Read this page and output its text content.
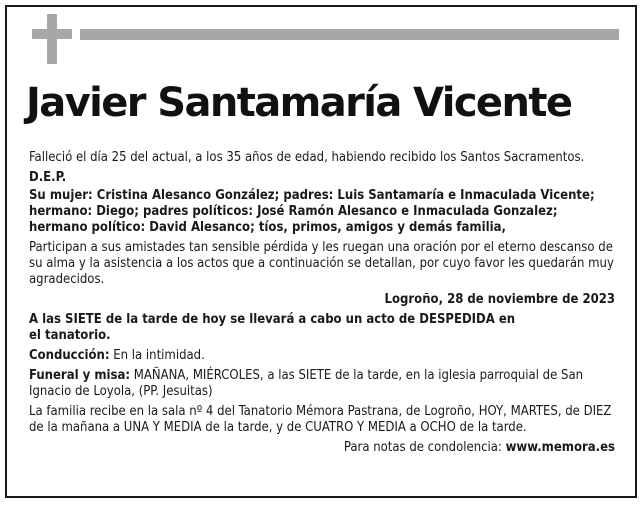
Javier Santamaría Vicente

Falleció el día 25 del actual, a los 35 años de edad, habiendo recibido los Santos Sacramentos.

D.E.P.

Su mujer: Cristina Alesanco González; padres: Luis Santamaría e Inmaculada Vicente; hermano: Diego; padres políticos: José Ramón Alesanco e Inmaculada Gonzalez; hermano político: David Alesanco; tíos, primos, amigos y demás familia,

Participan a sus amistades tan sensible pérdida y les ruegan una oración por el eterno descanso de su alma y la asistencia a los actos que a continuación se detallan, por cuyo favor les quedarán muy agradecidos.

Logroño, 28 de noviembre de 2023

A las SIETE de la tarde de hoy se llevará a cabo un acto de DESPEDIDA en el tanatorio.

Conducción: En la intimidad.

Funeral y misa: MAÑANA, MIÉRCOLES, a las SIETE de la tarde, en la iglesia parroquial de San Ignacio de Loyola, (PP. Jesuitas)

La familia recibe en la sala nº 4 del Tanatorio Mémora Pastrana, de Logroño, HOY, MARTES, de DIEZ de la mañana a UNA Y MEDIA de la tarde, y de CUATRO Y MEDIA a OCHO de la tarde.

Para notas de condolencia: www.memora.es
